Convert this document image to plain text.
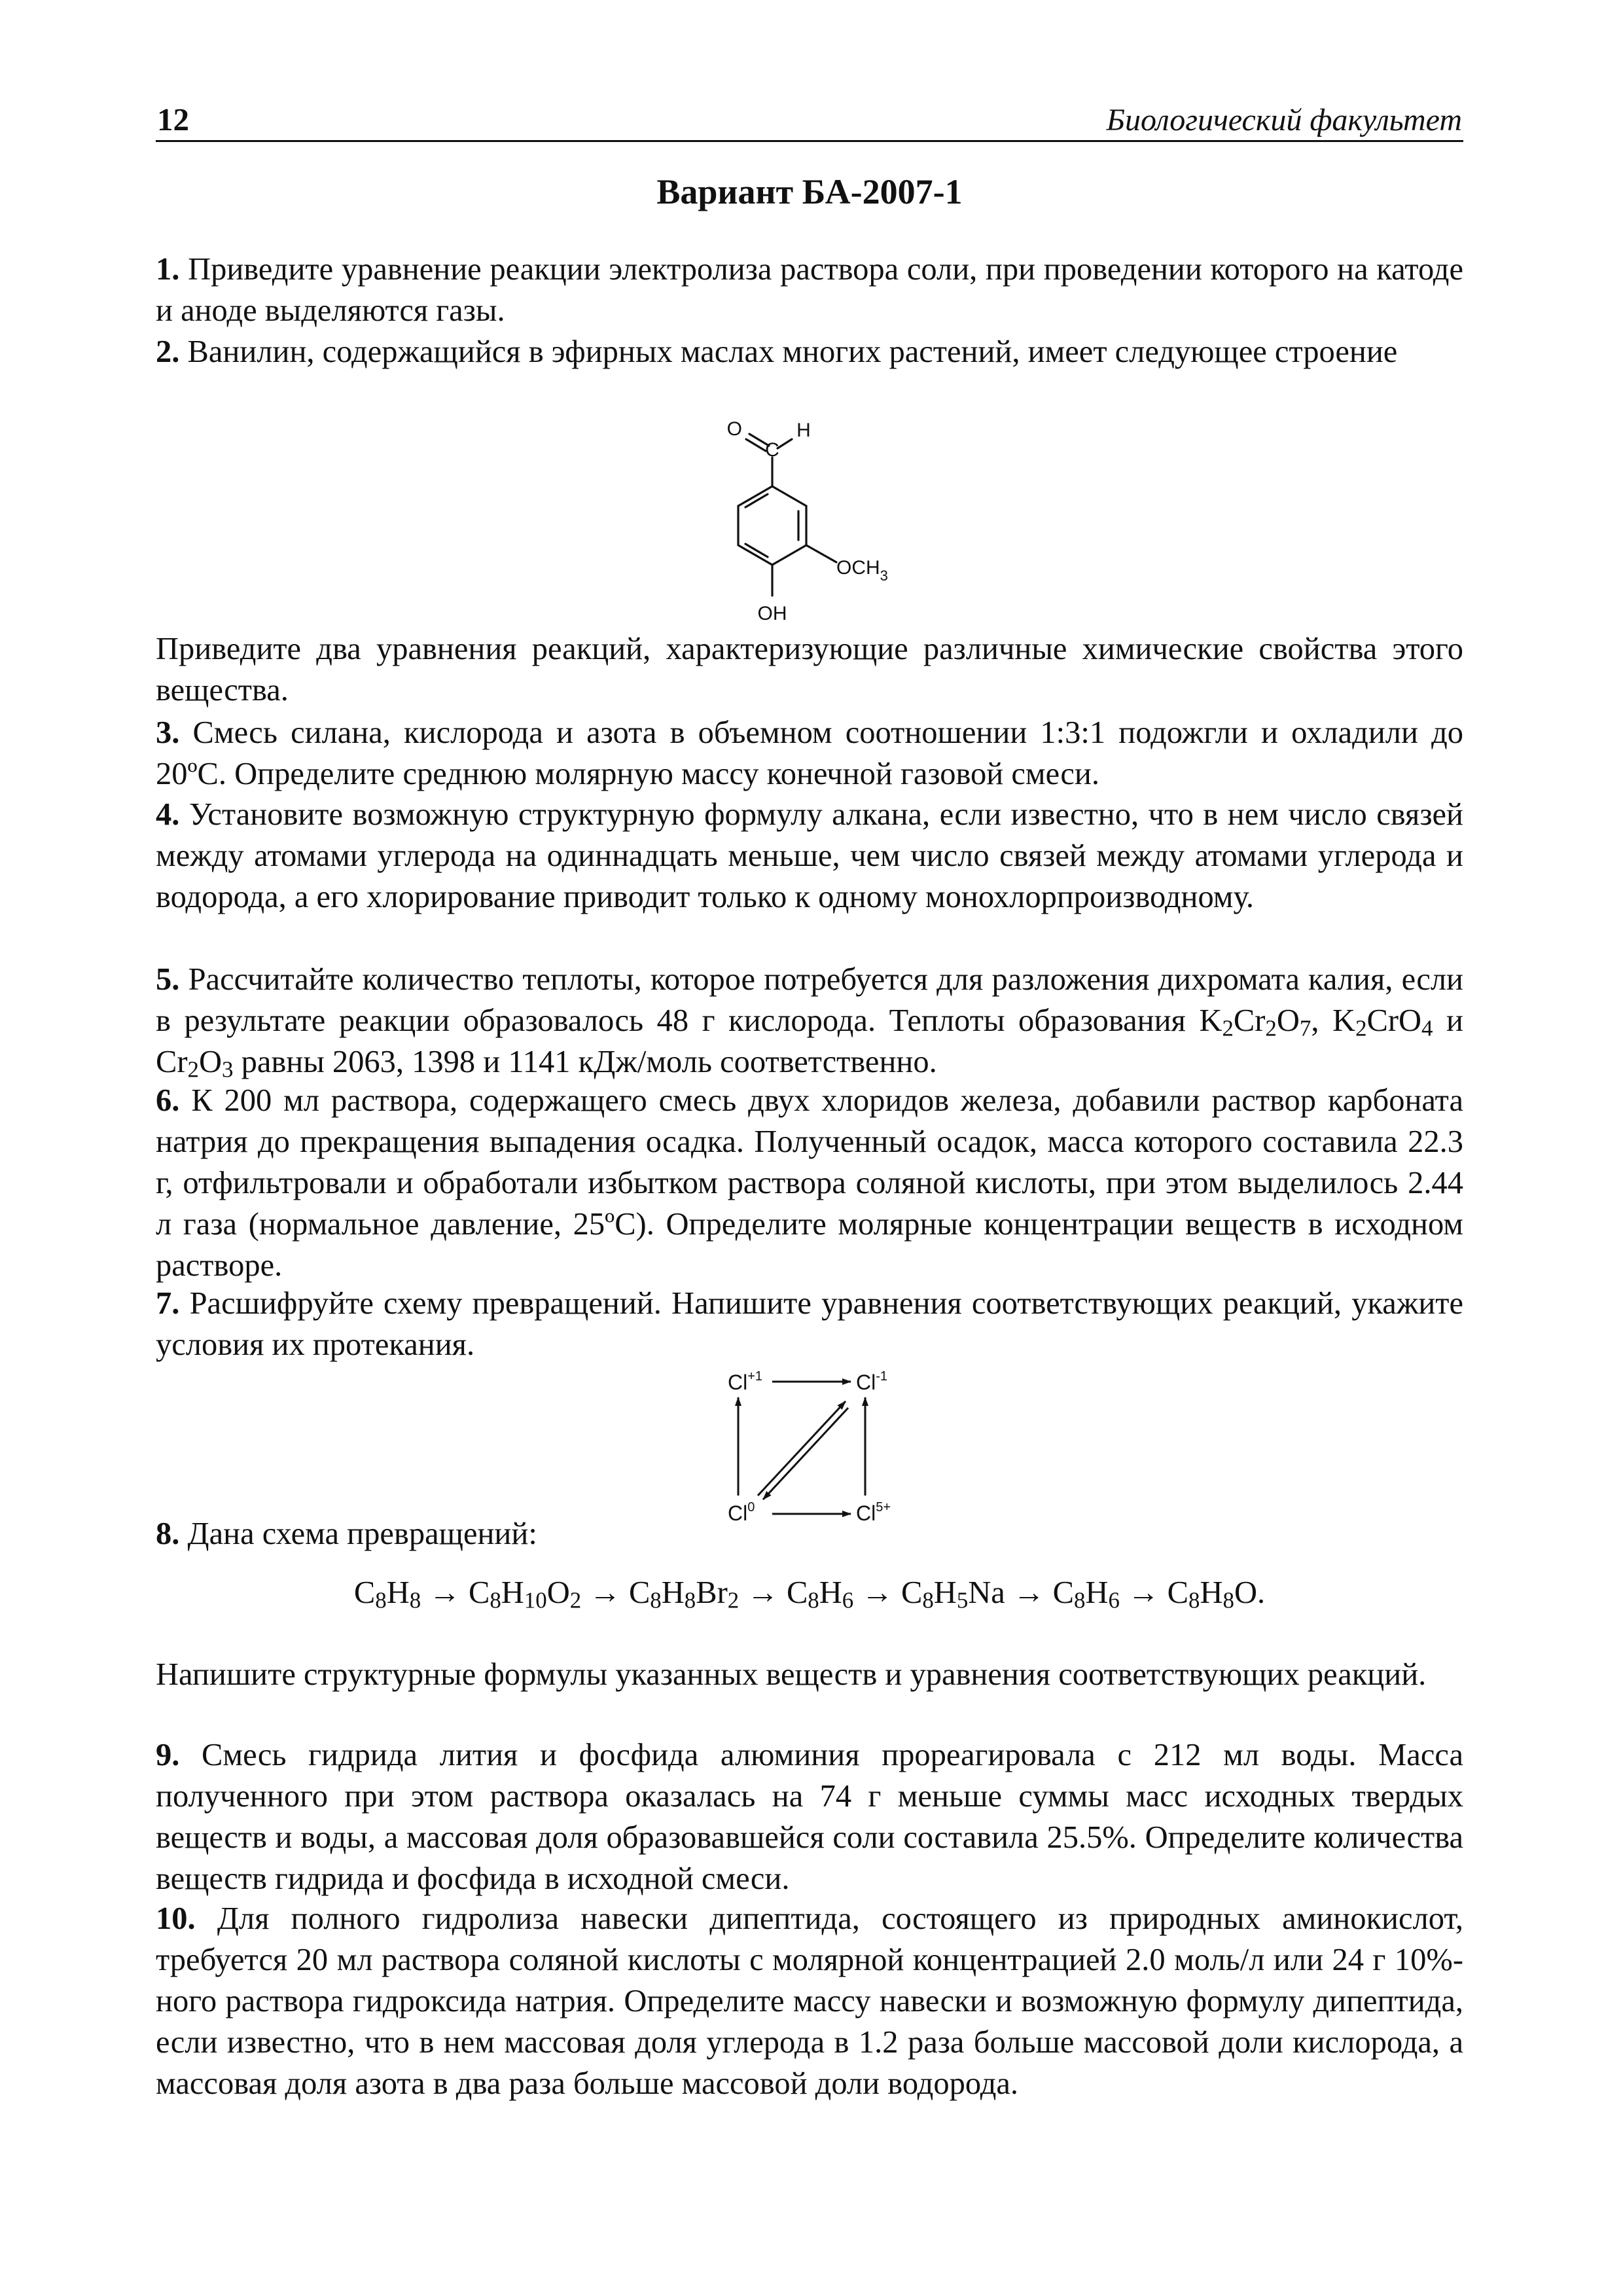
12	Биологический факультет
Вариант БА-2007-1
1. Приведите уравнение реакции электролиза раствора соли, при проведении которого на катоде и аноде выделяются газы.
2. Ванилин, содержащийся в эфирных маслах многих растений, имеет следующее строение
O
C
H
$OCH_3$
OH
Приведите два уравнения реакций, характеризующие различные химические свойства этого вещества.
3. Смесь силана, кислорода и азота в объемном соотношении 1:3:1 подожгли и охладили до 20ºC. Определите среднюю молярную массу конечной газовой смеси.
4. Установите возможную структурную формулу алкана, если известно, что в нем число связей между атомами углерода на одиннадцать меньше, чем число связей между атомами углерода и водорода, а его хлорирование приводит только к одному монохлорпроизводному.
5. Рассчитайте количество теплоты, которое потребуется для разложения дихромата калия, если в результате реакции образовалось 48 г кислорода. Теплоты образования $K_2Cr_2O_7$, $K_2CrO_4$ и $Cr_2O_3$ равны 2063, 1398 и 1141 кДж/моль соответственно.
6. К 200 мл раствора, содержащего смесь двух хлоридов железа, добавили раствор карбоната натрия до прекращения выпадения осадка. Полученный осадок, масса которого составила 22.3 г, отфильтровали и обработали избытком раствора соляной кислоты, при этом выделилось 2.44 л газа (нормальное давление, 25ºC). Определите молярные концентрации веществ в исходном растворе.
7. Расшифруйте схему превращений. Напишите уравнения соответствующих реакций, укажите условия их протекания.
$Cl^{+1}$	$Cl^{-1}$
Cl$^0$	$Cl^{5+}$
8. Дана схема превращений:
$C_8H_8 \to C_8H_{10}O_2 \to C_8H_8Br_2 \to C_8H_6 \to C_8H_5Na \to C_8H_6 \to C_8H_8O$.
Напишите структурные формулы указанных веществ и уравнения соответствующих реакций.
9. Смесь гидрида лития и фосфида алюминия прореагировала с 212 мл воды. Масса полученного при этом раствора оказалась на 74 г меньше суммы масс исходных твердых веществ и воды, а массовая доля образовавшейся соли составила 25.5%. Определите количества веществ гидрида и фосфида в исходной смеси.
10. Для полного гидролиза навески дипептида, состоящего из природных аминокислот, требуется 20 мл раствора соляной кислоты с молярной концентрацией 2.0 моль/л или 24 г 10%-ного раствора гидроксида натрия. Определите массу навески и возможную формулу дипептида, если известно, что в нем массовая доля углерода в 1.2 раза больше массовой доли кислорода, а массовая доля азота в два раза больше массовой доли водорода.
